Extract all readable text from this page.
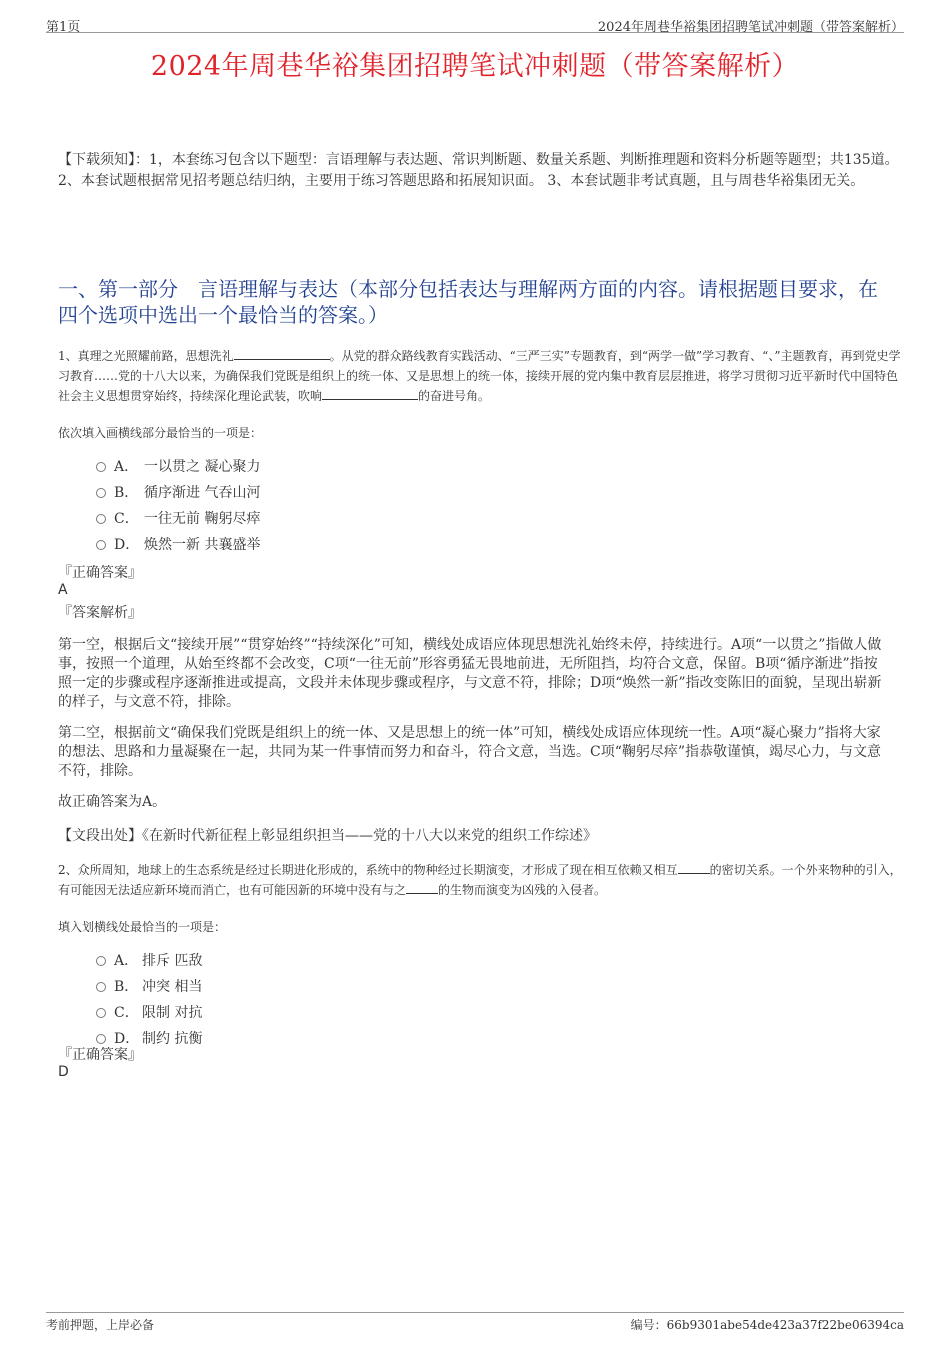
第1页	2024年周巷华裕集团招聘笔试冲刺题（带答案解析）
2024年周巷华裕集团招聘笔试冲刺题（带答案解析）
【下载须知】：1，本套练习包含以下题型：言语理解与表达题、常识判断题、数量关系题、判断推理题和资料分析题等题型；共135道。 2、本套试题根据常见招考题总结归纳，主要用于练习答题思路和拓展知识面。 3、本套试题非考试真题，且与周巷华裕集团无关。
一、第一部分　言语理解与表达（本部分包括表达与理解两方面的内容。请根据题目要求，在四个选项中选出一个最恰当的答案。）
1、真理之光照耀前路，思想洗礼	。从党的群众路线教育实践活动、“三严三实”专题教育，到“两学一做”学习教育、“、”主题教育，再到党史学习教育……党的十八大以来，为确保我们党既是组织上的统一体、又是思想上的统一体，接续开展的党内集中教育层层推进，将学习贯彻习近平新时代中国特色社会主义思想贯穿始终，持续深化理论武装，吹响	的奋进号角。
依次填入画横线部分最恰当的一项是：
A． 一以贯之 凝心聚力
B． 循序渐进 气吞山河
C． 一往无前 鞠躬尽瘁
D． 焕然一新 共襄盛举
『正确答案』
A
『答案解析』
第一空，根据后文“接续开展”“贯穿始终”“持续深化”可知，横线处成语应体现思想洗礼始终未停，持续进行。A项“一以贯之”指做人做事，按照一个道理，从始至终都不会改变，C项“一往无前”形容勇猛无畏地前进，无所阻挡，均符合文意，保留。B项“循序渐进”指按照一定的步骤或程序逐渐推进或提高，文段并未体现步骤或程序，与文意不符，排除；D项“焕然一新”指改变陈旧的面貌，呈现出崭新的样子，与文意不符，排除。
第二空，根据前文“确保我们党既是组织上的统一体、又是思想上的统一体”可知，横线处成语应体现统一性。A项“凝心聚力”指将大家的想法、思路和力量凝聚在一起，共同为某一件事情而努力和奋斗，符合文意，当选。C项“鞠躬尽瘁”指恭敬谨慎，竭尽心力，与文意不符，排除。
故正确答案为A。
【文段出处】《在新时代新征程上彰显组织担当——党的十八大以来党的组织工作综述》
2、众所周知，地球上的生态系统是经过长期进化形成的，系统中的物种经过长期演变，才形成了现在相互依赖又相互	的密切关系。一个外来物种的引入，有可能因无法适应新环境而消亡，也有可能因新的环境中没有与之	的生物而演变为凶残的入侵者。
填入划横线处最恰当的一项是：
A． 排斥 匹敌
B． 冲突 相当
C． 限制 对抗
D． 制约 抗衡
『正确答案』
D
考前押题，上岸必备	编号：66b9301abe54de423a37f22be06394ca
